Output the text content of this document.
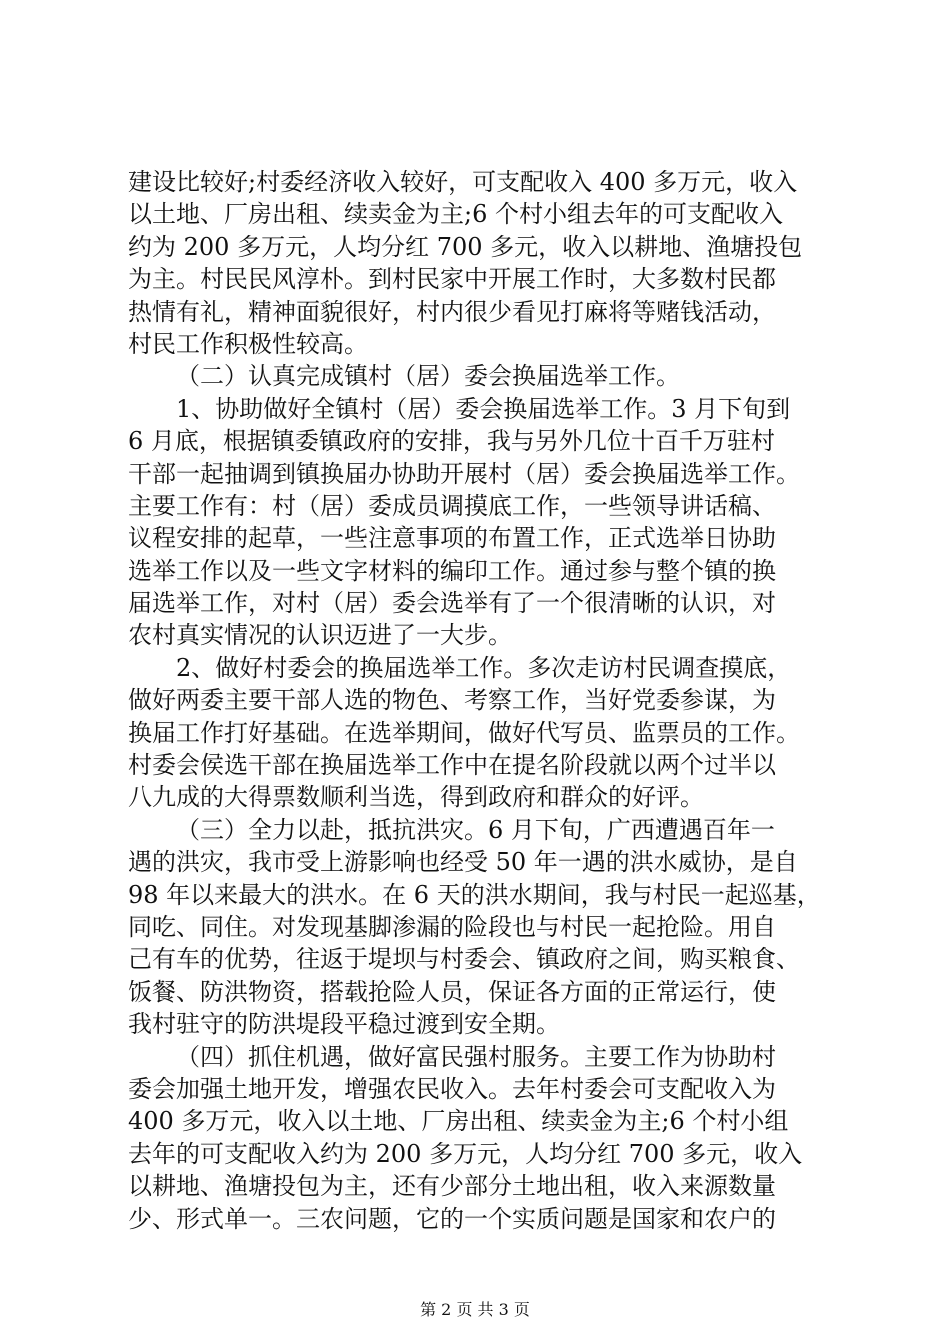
建设比较好;村委经济收入较好，可支配收入 400 多万元，收入
以土地、厂房出租、续卖金为主;6 个村小组去年的可支配收入
约为 200 多万元，人均分红 700 多元，收入以耕地、渔塘投包
为主。村民民风淳朴。到村民家中开展工作时，大多数村民都
热情有礼，精神面貌很好，村内很少看见打麻将等赌钱活动，
村民工作积极性较高。
（二）认真完成镇村（居）委会换届选举工作。
1、协助做好全镇村（居）委会换届选举工作。3 月下旬到
6 月底，根据镇委镇政府的安排，我与另外几位十百千万驻村
干部一起抽调到镇换届办协助开展村（居）委会换届选举工作。
主要工作有：村（居）委成员调摸底工作，一些领导讲话稿、
议程安排的起草，一些注意事项的布置工作，正式选举日协助
选举工作以及一些文字材料的编印工作。通过参与整个镇的换
届选举工作，对村（居）委会选举有了一个很清晰的认识，对
农村真实情况的认识迈进了一大步。
2、做好村委会的换届选举工作。多次走访村民调查摸底，
做好两委主要干部人选的物色、考察工作，当好党委参谋，为
换届工作打好基础。在选举期间，做好代写员、监票员的工作。
村委会侯选干部在换届选举工作中在提名阶段就以两个过半以
八九成的大得票数顺利当选，得到政府和群众的好评。
（三）全力以赴，抵抗洪灾。6 月下旬，广西遭遇百年一
遇的洪灾，我市受上游影响也经受 50 年一遇的洪水威协，是自
98 年以来最大的洪水。在 6 天的洪水期间，我与村民一起巡基，
同吃、同住。对发现基脚渗漏的险段也与村民一起抢险。用自
己有车的优势，往返于堤坝与村委会、镇政府之间，购买粮食、
饭餐、防洪物资，搭载抢险人员，保证各方面的正常运行，使
我村驻守的防洪堤段平稳过渡到安全期。
（四）抓住机遇，做好富民强村服务。主要工作为协助村
委会加强土地开发，增强农民收入。去年村委会可支配收入为
400 多万元，收入以土地、厂房出租、续卖金为主;6 个村小组
去年的可支配收入约为 200 多万元，人均分红 700 多元，收入
以耕地、渔塘投包为主，还有少部分土地出租，收入来源数量
少、形式单一。三农问题，它的一个实质问题是国家和农户的
第 2 页 共 3 页
